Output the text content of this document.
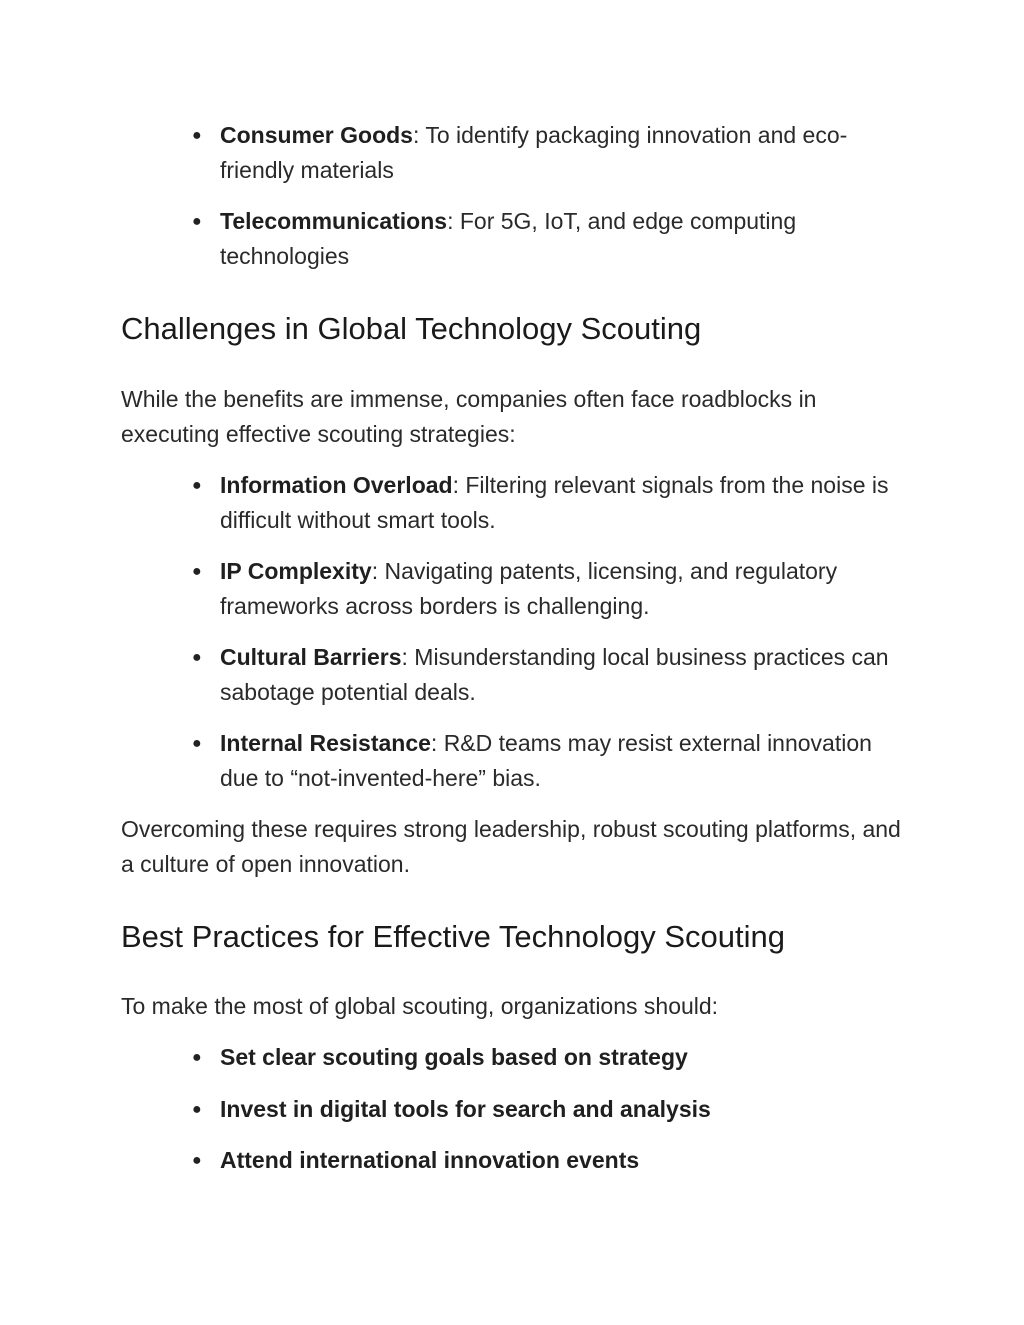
● Consumer Goods: To identify packaging innovation and eco-friendly materials
● Telecommunications: For 5G, IoT, and edge computing technologies
Challenges in Global Technology Scouting

While the benefits are immense, companies often face roadblocks in executing effective scouting strategies:

● Information Overload: Filtering relevant signals from the noise is difficult without smart tools.
● IP Complexity: Navigating patents, licensing, and regulatory frameworks across borders is challenging.
● Cultural Barriers: Misunderstanding local business practices can sabotage potential deals.
● Internal Resistance: R&D teams may resist external innovation due to “not-invented-here” bias.

Overcoming these requires strong leadership, robust scouting platforms, and a culture of open innovation.

Best Practices for Effective Technology Scouting

To make the most of global scouting, organizations should:

● Set clear scouting goals based on strategy
● Invest in digital tools for search and analysis
● Attend international innovation events
